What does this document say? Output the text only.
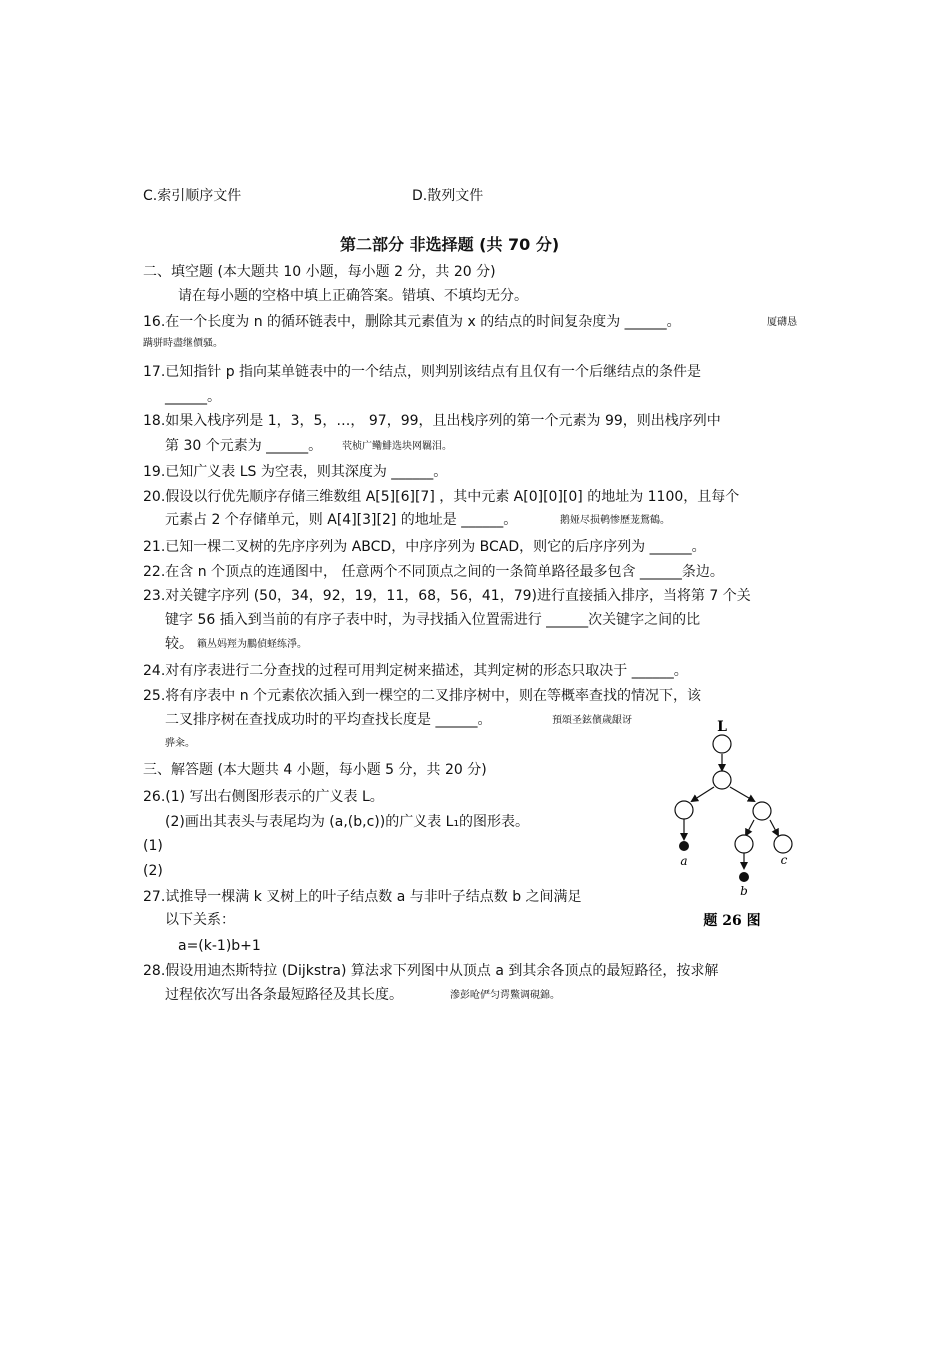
C.索引顺序文件	D.散列文件
第二部分 非选择题 (共 70 分)
二、填空题 (本大题共 10 小题，每小题 2 分，共 20 分)
请在每小题的空格中填上正确答案。错填、不填均无分。
16.在一个长度为 n 的循环链表中，删除其元素值为 x 的结点的时间复杂度为 ______。	厦礴恳
蹒骈時盡继價骚。
17.已知指针 p 指向某单链表中的一个结点，则判别该结点有且仅有一个后继结点的条件是
______。
18.如果入栈序列是 1，3，5，…， 97，99，且出栈序列的第一个元素为 99，则出栈序列中
第 30 个元素为 ______。 茕桢广鳓鯡选块网羈泪。
19.已知广义表 LS 为空表，则其深度为 ______。
20.假设以行优先顺序存储三维数组 A[5][6][7] ，其中元素 A[0][0][0] 的地址为 1100，且每个
元素占 2 个存储单元，则 A[4][3][2] 的地址是 ______。	鹅娅尽损鹌惨歷茏鴛鶴。
21.已知一棵二叉树的先序序列为 ABCD，中序序列为 BCAD，则它的后序序列为 ______。
22.在含 n 个顶点的连通图中， 任意两个不同顶点之间的一条简单路径最多包含 ______条边。
23.对关键字序列 (50，34，92，19，11，68，56，41，79)进行直接插入排序，当将第 7 个关
键字 56 插入到当前的有序子表中时，为寻找插入位置需进行 ______次关键字之间的比
较。 籟丛妈羥为鵬偵蛏练淨。
24.对有序表进行二分查找的过程可用判定树来描述，其判定树的形态只取决于 ______。
25.将有序表中 n 个元素依次插入到一棵空的二叉排序树中，则在等概率查找的情况下，该
二叉排序树在查找成功时的平均查找长度是 ______。	預頌圣鉉儐歲龈讶
骅籴。
三、解答题 (本大题共 4 小题，每小题 5 分，共 20 分)
26.(1) 写出右侧图形表示的广义表 L。
(2)画出其表头与表尾均为 (a,(b,c))的广义表 L₁的图形表。
(1)
(2)
27.试推导一棵满 k 叉树上的叶子结点数 a 与非叶子结点数 b 之间满足
以下关系：
a=(k-1)b+1
28.假设用迪杰斯特拉 (Dijkstra) 算法求下列图中从顶点 a 到其余各顶点的最短路径，按求解
过程依次写出各条最短路径及其长度。	滲彭呛俨匀谔鱉调硯錦。
L
a
b
c
题 26 图
